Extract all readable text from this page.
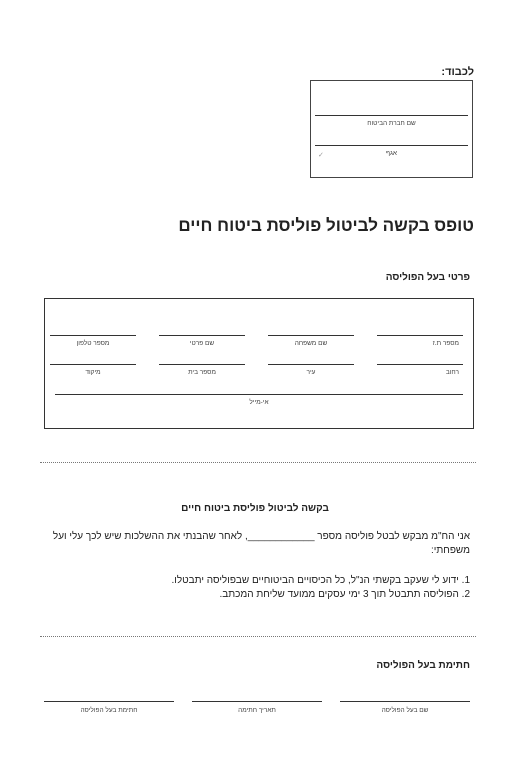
לכבוד:
שם חברת הביטוח
אגף
✓
טופס בקשה לביטול פוליסת ביטוח חיים
פרטי בעל הפוליסה
מספר ת.ז
שם משפחה
שם פרטי
מספר טלפון
רחוב
עיר
מספר בית
מיקוד
אי-מייל
בקשה לביטול פוליסת ביטוח חיים
אני הח"מ מבקש לבטל פוליסה מספר ____________, לאחר שהבנתי את ההשלכות שיש לכך עלי ועל משפחתי:
1. ידוע לי שעקב בקשתי הנ"ל, כל הכיסויים הביטוחיים שבפוליסה יתבטלו.
2. הפוליסה תתבטל תוך 3 ימי עסקים ממועד שליחת המכתב.
חתימת בעל הפוליסה
שם בעל הפוליסה
תאריך חתימה
חתימת בעל הפוליסה
